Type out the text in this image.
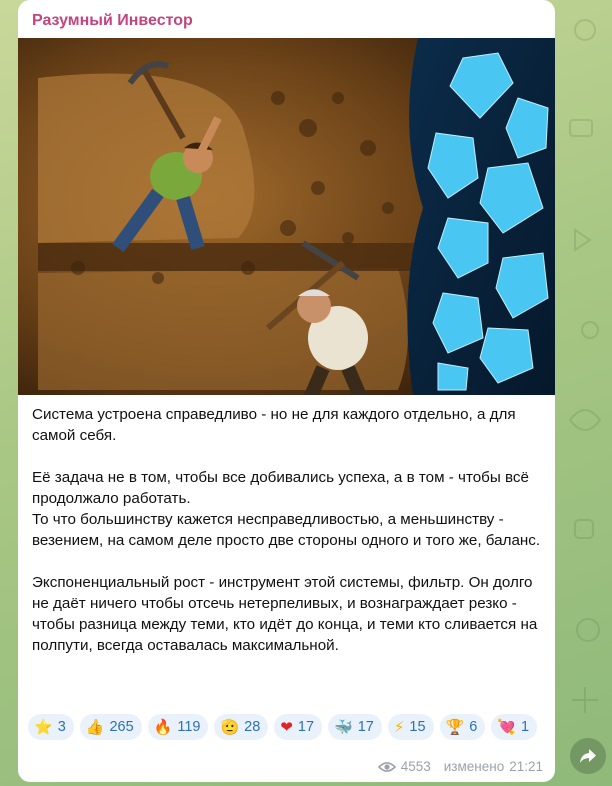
Разумный Инвестор
Система устроена справедливо - но не для каждого отдельно, а для самой себя.

Её задача не в том, чтобы все добивались успеха, а в том - чтобы всё продолжало работать.
То что большинству кажется несправедливостью, а меньшинству - везением, на самом деле просто две стороны одного и того же, баланс.

Экспоненциальный рост - инструмент этой системы, фильтр. Он долго не даёт ничего чтобы отсечь нетерпеливых, и вознаграждает резко - чтобы разница между теми, кто идёт до конца, и теми кто сливается на полпути, всегда оставалась максимальной.
⭐ 3 👍 265 🔥 119 🫡 28 ❤ 17 🐳 17 ⚡ 15 🏆 6 💘 1
4553 изменено 21:21
